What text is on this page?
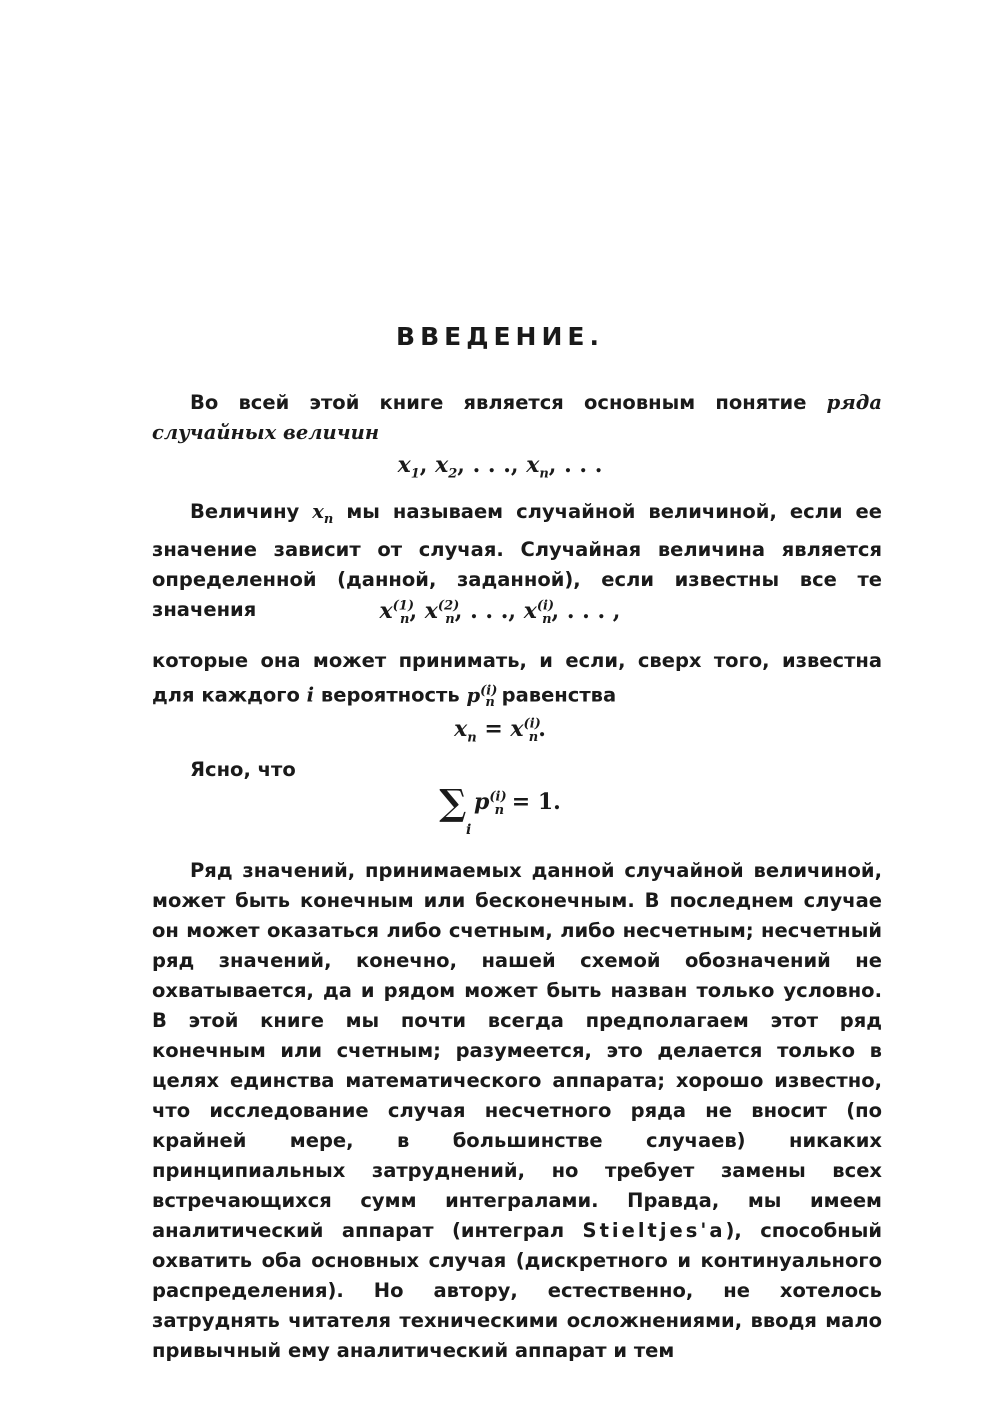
ВВЕДЕНИЕ.

Во всей этой книге является основным понятие ряда случайных величин

$x_1$, $x_2$, . . ., $x_n$, . . .

Величину $x_n$ мы называем случайной величиной, если ее значение зависит от случая. Случайная величина является определенной (данной, заданной), если известны все те значения	$x^{(1)}_n$, $x^{(2)}_n$, . . ., $x^{(i)}_n$, . . . ,

которые она может принимать, и если, сверх того, известна для каждого i вероятность $p^{(i)}_n$ равенства

$x_n = x^{(i)}_n$.

Ясно, что

∑ $p^{(i)}_n = 1$.
i

Ряд значений, принимаемых данной случайной величиной, может быть конечным или бесконечным. В последнем случае он может оказаться либо счетным, либо несчетным; несчетный ряд значений, конечно, нашей схемой обозначений не охватывается, да и рядом может быть назван только условно. В этой книге мы почти всегда предполагаем этот ряд конечным или счетным; разумеется, это делается только в целях единства математического аппарата; хорошо известно, что исследование случая несчетного ряда не вносит (по крайней мере, в большинстве случаев) никаких принципиальных затруднений, но требует замены всех встречающихся сумм интегралами. Правда, мы имеем аналитический аппарат (интеграл Stieltjes'a), способный охватить оба основных случая (дискретного и континуального распределения). Но автору, естественно, не хотелось затруднять читателя техническими осложнениями, вводя мало привычный ему аналитический аппарат и тем
